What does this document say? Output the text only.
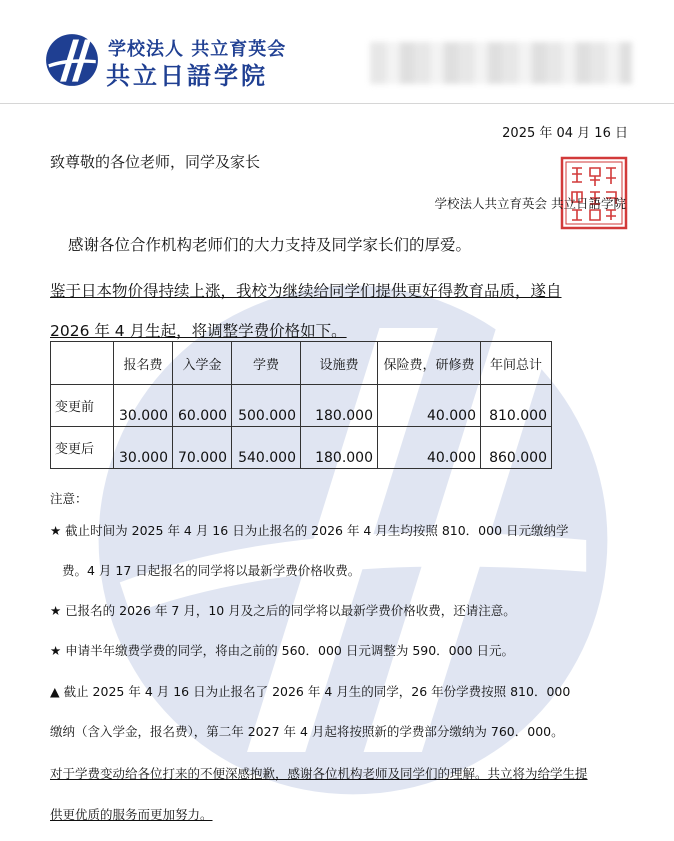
学校法人 共立育英会
共立日語学院
2025 年 04 月 16 日
致尊敬的各位老师，同学及家长
学校法人共立育英会 共立日語学院
感谢各位合作机构老师们的大力支持及同学家长们的厚爱。
鉴于日本物价得持续上涨，我校为继续给同学们提供更好得教育品质，遂自
2026 年 4 月生起，将调整学费价格如下。
	报名费	入学金	学费	设施费	保险费，研修费	年间总计
变更前	30.000	60.000	500.000	180.000	40.000	810.000
变更后	30.000	70.000	540.000	180.000	40.000	860.000
注意：
★ 截止时间为 2025 年 4 月 16 日为止报名的 2026 年 4 月生均按照 810．000 日元缴纳学
费。4 月 17 日起报名的同学将以最新学费价格收费。
★ 已报名的 2026 年 7 月，10 月及之后的同学将以最新学费价格收费，还请注意。
★ 申请半年缴费学费的同学，将由之前的 560．000 日元调整为 590．000 日元。
▲ 截止 2025 年 4 月 16 日为止报名了 2026 年 4 月生的同学，26 年份学费按照 810．000
缴纳（含入学金，报名费），第二年 2027 年 4 月起将按照新的学费部分缴纳为 760．000。
对于学费变动给各位打来的不便深感抱歉，感谢各位机构老师及同学们的理解。共立将为给学生提
供更优质的服务而更加努力。
